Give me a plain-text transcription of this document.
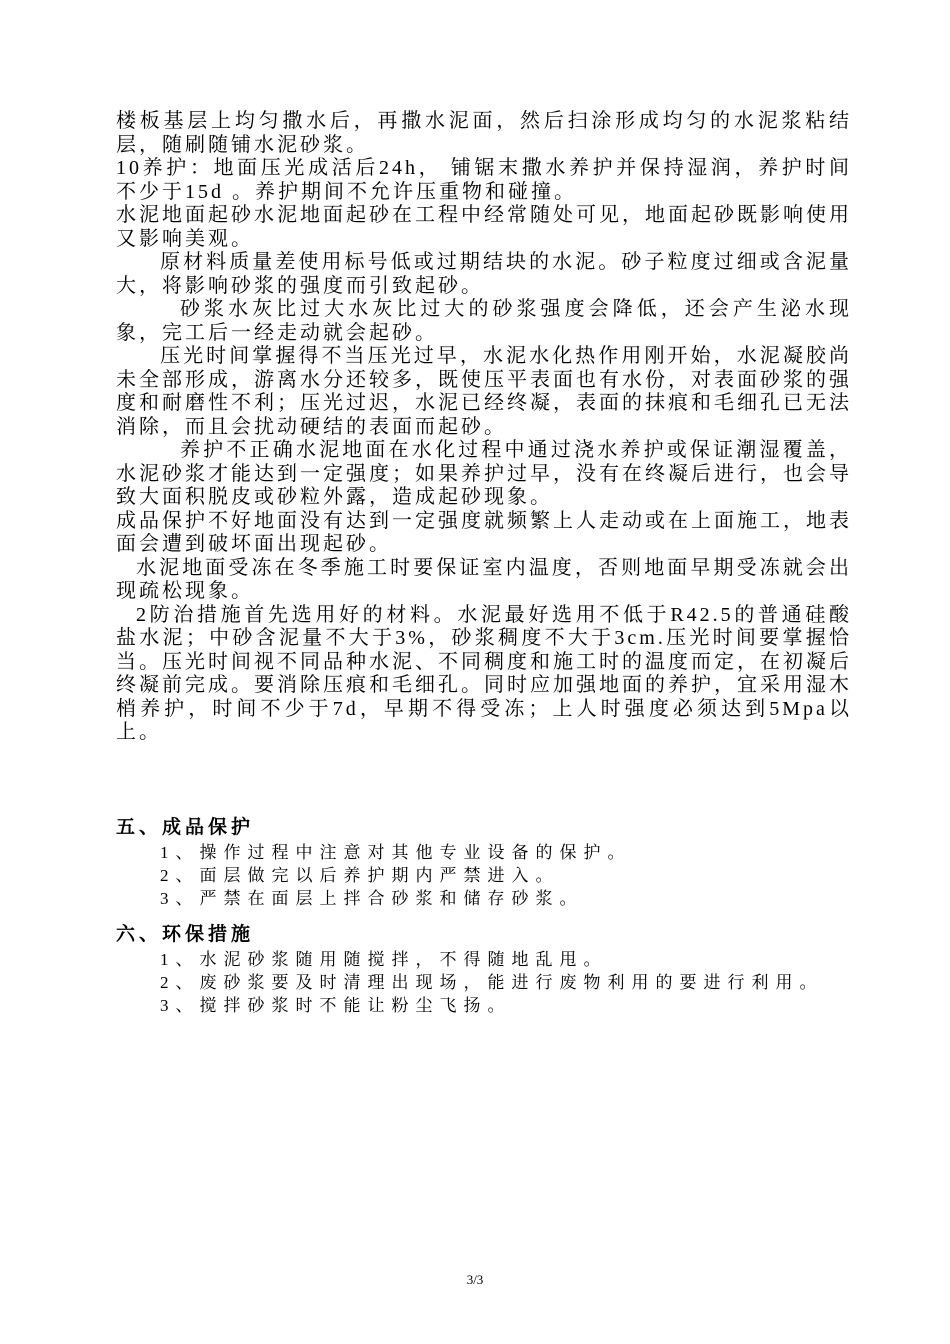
楼板基层上均匀撒水后，再撒水泥面，然后扫涂形成均匀的水泥浆粘结层，随刷随铺水泥砂浆。

10养护：地面压光成活后24h， 铺锯末撒水养护并保持湿润，养护时间不少于15d 。养护期间不允许压重物和碰撞。

水泥地面起砂水泥地面起砂在工程中经常随处可见，地面起砂既影响使用又影响美观。

原材料质量差使用标号低或过期结块的水泥。砂子粒度过细或含泥量大，将影响砂浆的强度而引致起砂。

砂浆水灰比过大水灰比过大的砂浆强度会降低，还会产生泌水现象，完工后一经走动就会起砂。

压光时间掌握得不当压光过早，水泥水化热作用刚开始，水泥凝胶尚未全部形成，游离水分还较多，既使压平表面也有水份，对表面砂浆的强度和耐磨性不利；压光过迟，水泥已经终凝，表面的抹痕和毛细孔已无法消除，而且会扰动硬结的表面而起砂。

养护不正确水泥地面在水化过程中通过浇水养护或保证潮湿覆盖，水泥砂浆才能达到一定强度；如果养护过早，没有在终凝后进行，也会导致大面积脱皮或砂粒外露，造成起砂现象。

成品保护不好地面没有达到一定强度就频繁上人走动或在上面施工，地表面会遭到破坏面出现起砂。

水泥地面受冻在冬季施工时要保证室内温度，否则地面早期受冻就会出现疏松现象。

2防治措施首先选用好的材料。水泥最好选用不低于R42.5的普通硅酸盐水泥；中砂含泥量不大于3%，砂浆稠度不大于3cm.压光时间要掌握恰当。压光时间视不同品种水泥、不同稠度和施工时的温度而定，在初凝后终凝前完成。要消除压痕和毛细孔。同时应加强地面的养护，宜采用湿木梢养护，时间不少于7d，早期不得受冻；上人时强度必须达到5Mpa以上。

五、成品保护

1、操作过程中注意对其他专业设备的保护。

2、面层做完以后养护期内严禁进入。

3、严禁在面层上拌合砂浆和储存砂浆。

六、环保措施

1、水泥砂浆随用随搅拌，不得随地乱甩。

2、废砂浆要及时清理出现场，能进行废物利用的要进行利用。

3、搅拌砂浆时不能让粉尘飞扬。

3/3
